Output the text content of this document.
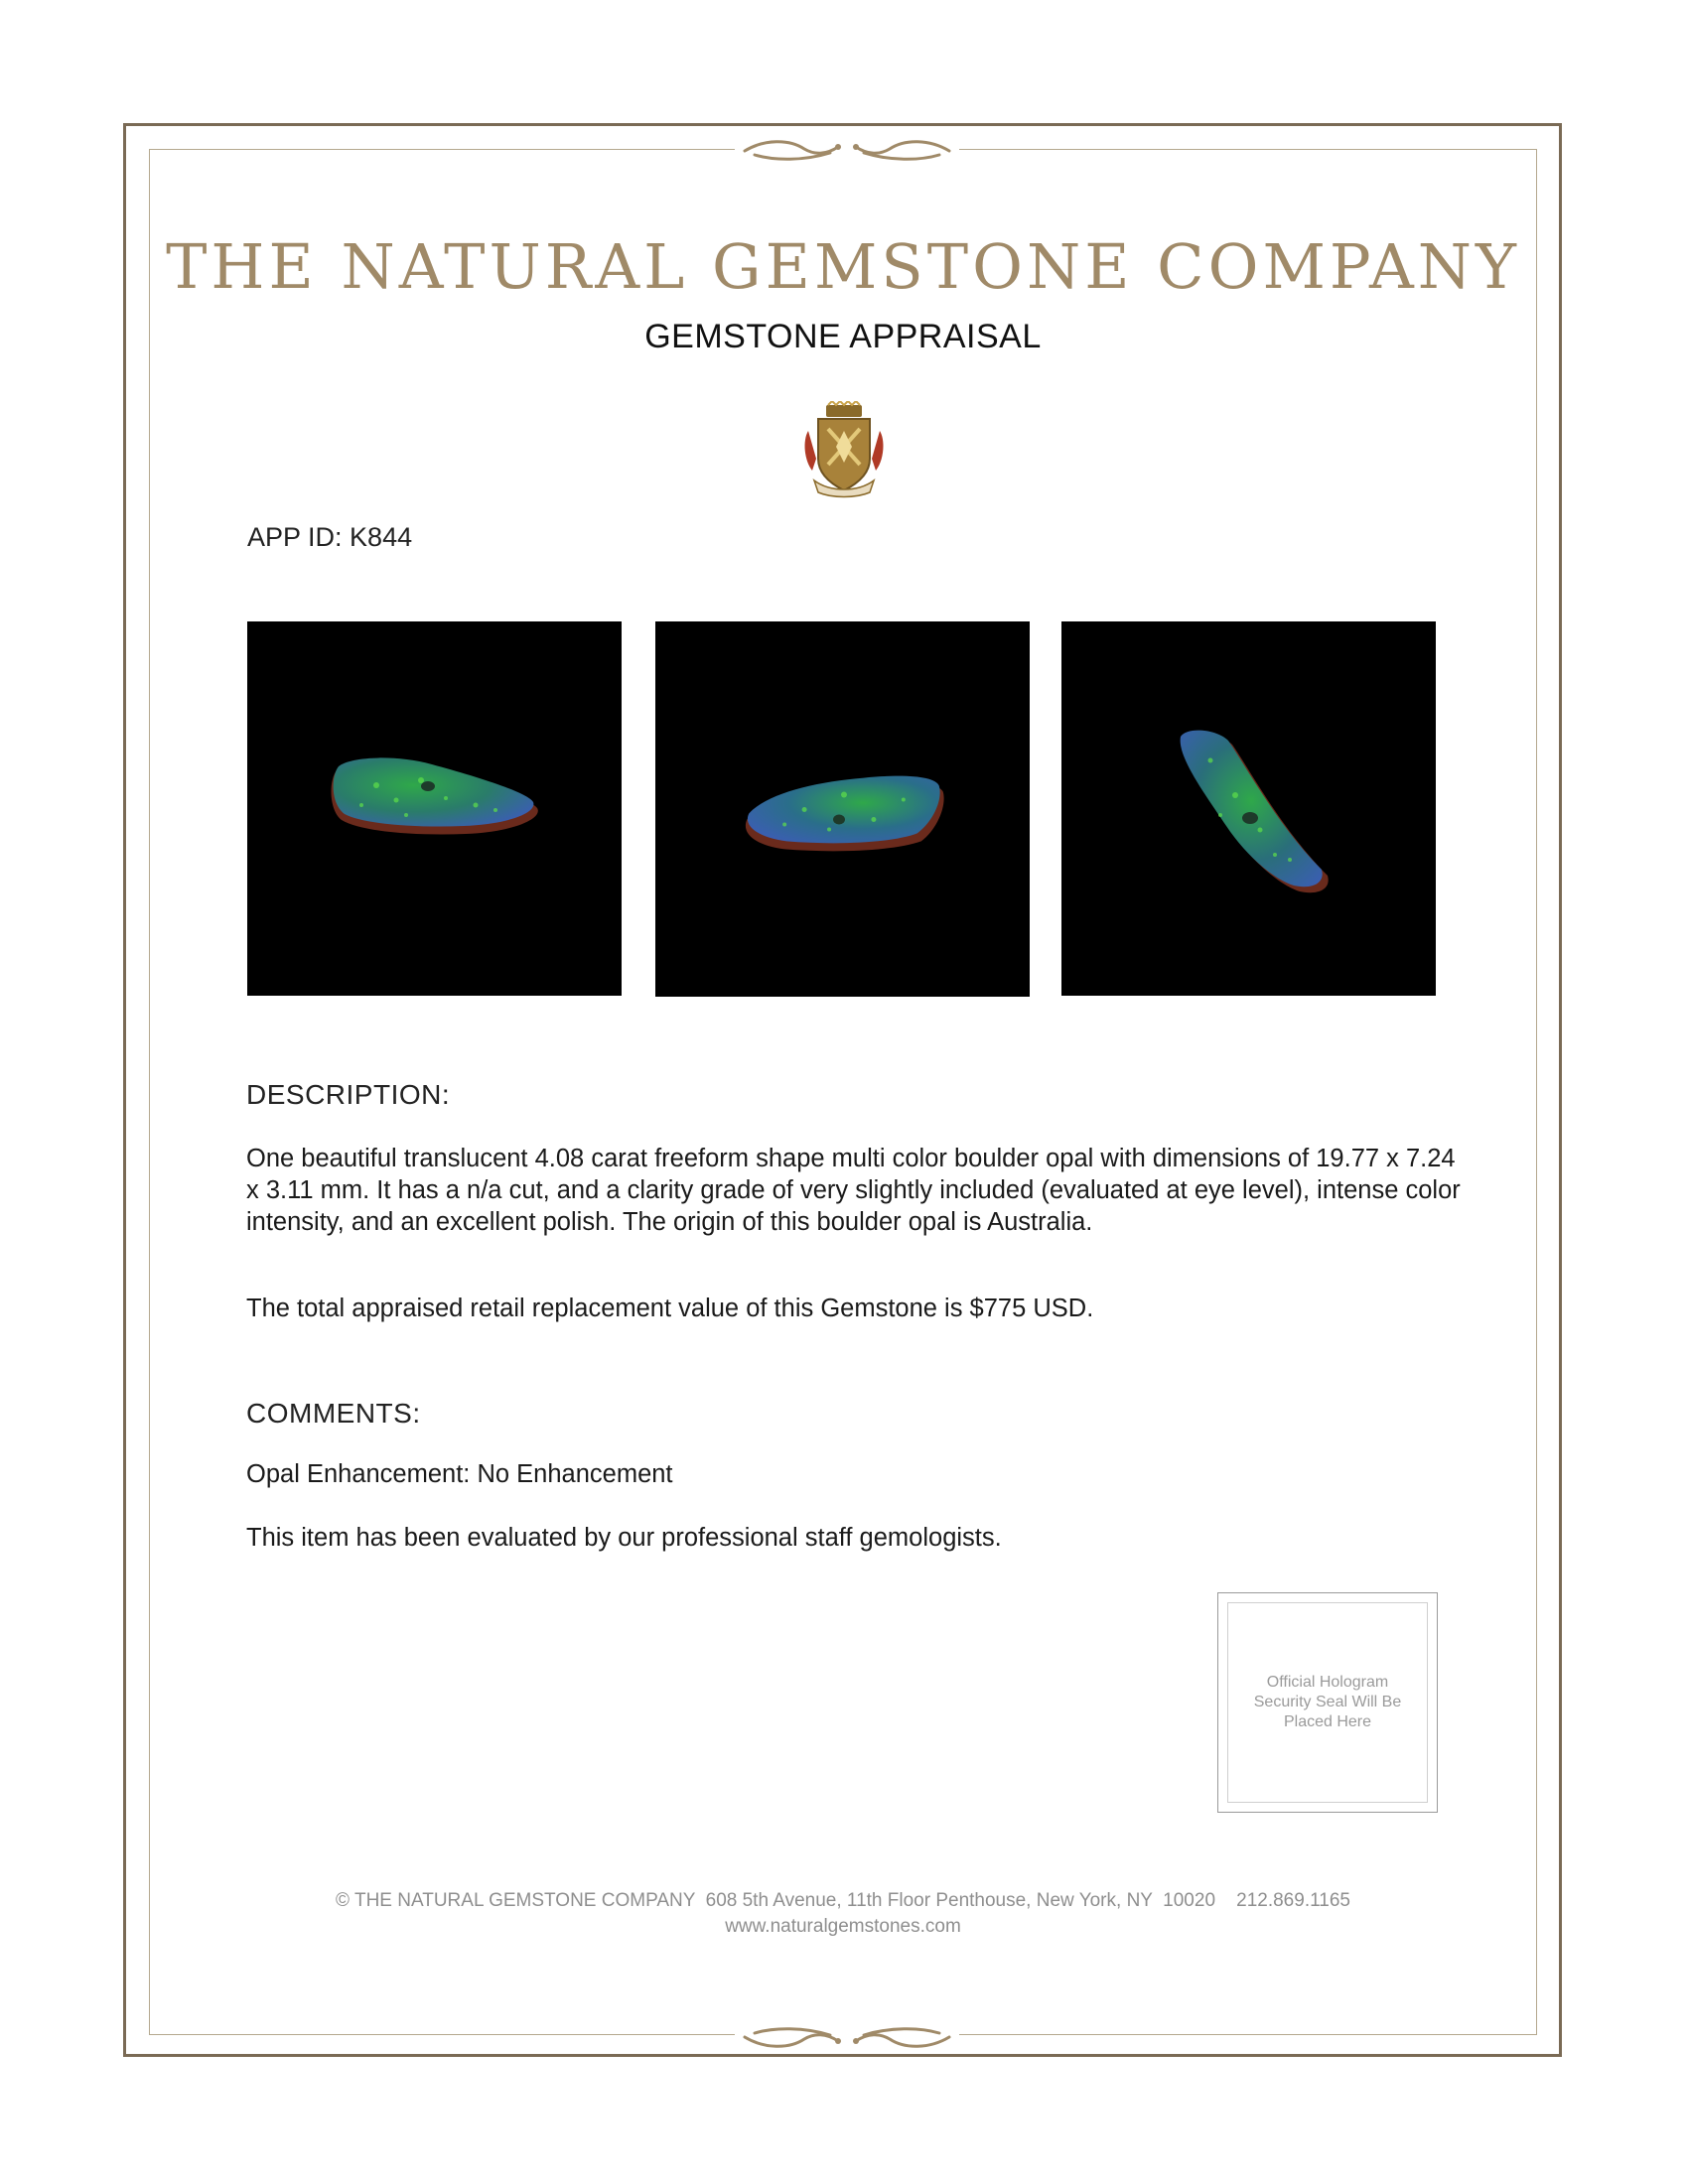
THE NATURAL GEMSTONE COMPANY
GEMSTONE APPRAISAL
APP ID: K844
DESCRIPTION:

One beautiful translucent 4.08 carat freeform shape multi color boulder opal with dimensions of 19.77 x 7.24 x 3.11 mm. It has a n/a cut, and a clarity grade of very slightly included (evaluated at eye level), intense color intensity, and an excellent polish. The origin of this boulder opal is Australia.

The total appraised retail replacement value of this Gemstone is $775 USD.

COMMENTS:

Opal Enhancement: No Enhancement

This item has been evaluated by our professional staff gemologists.

Official Hologram Security Seal Will Be Placed Here
© THE NATURAL GEMSTONE COMPANY 608 5th Avenue, 11th Floor Penthouse, New York, NY  10020 212.869.1165
www.naturalgemstones.com
